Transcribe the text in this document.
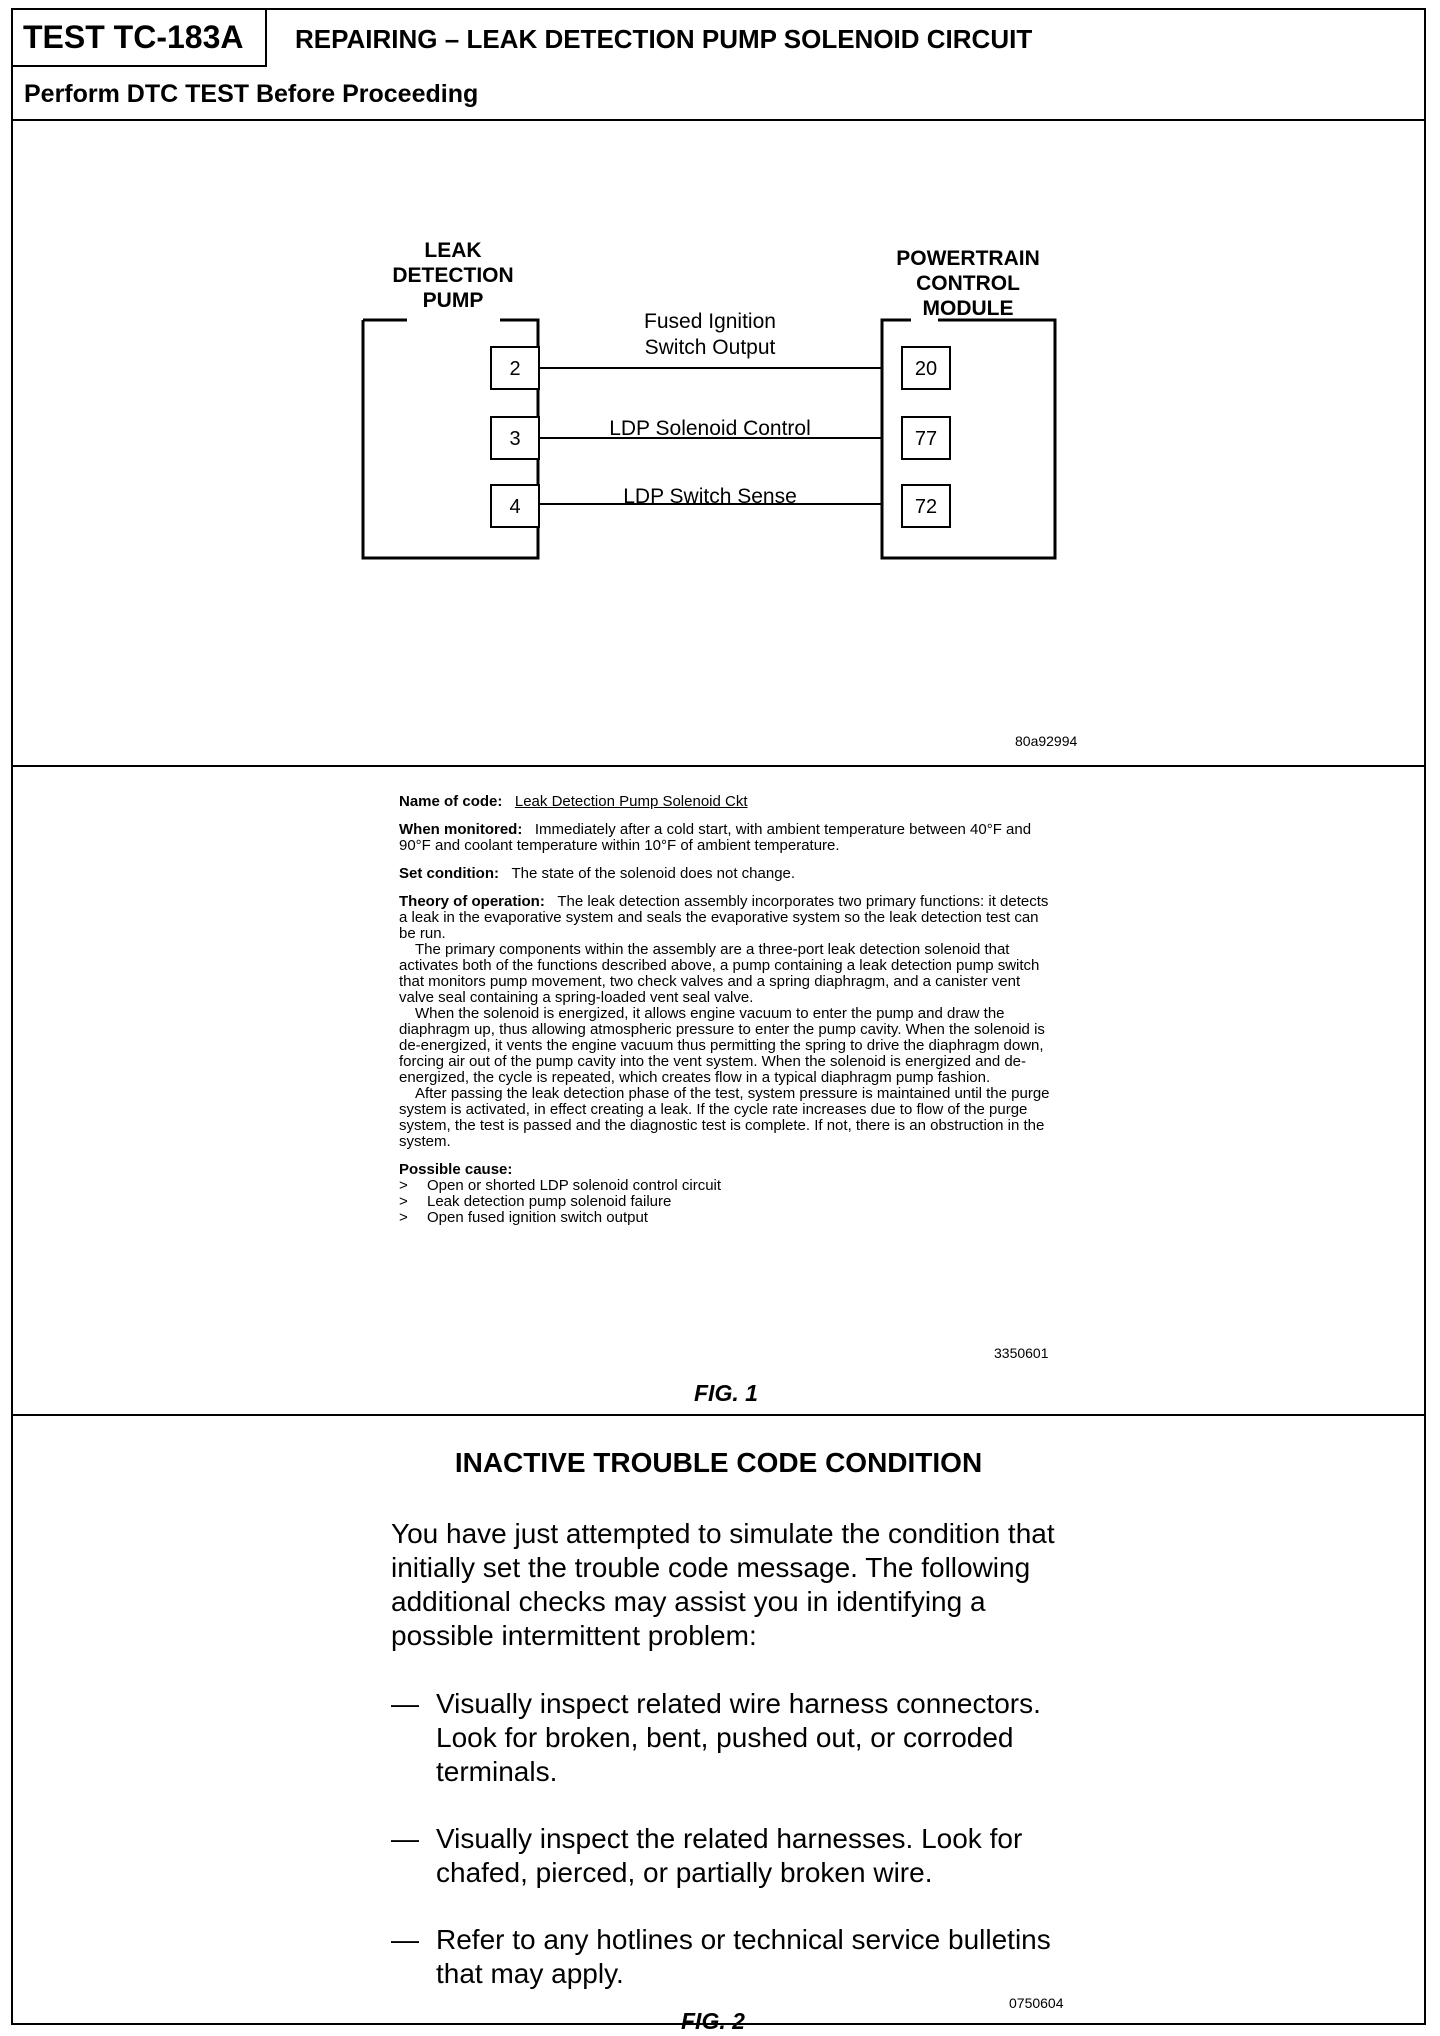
TEST TC-183A	REPAIRING – LEAK DETECTION PUMP SOLENOID CIRCUIT
Perform DTC TEST Before Proceeding
LEAK
DETECTION
PUMP
POWERTRAIN
CONTROL
MODULE
Fused Ignition
Switch Output
LDP Solenoid Control
LDP Switch Sense
2
3
4
20
77
72
80a92994

Name of code: Leak Detection Pump Solenoid Ckt

When monitored: Immediately after a cold start, with ambient temperature between 40°F and 90°F and coolant temperature within 10°F of ambient temperature.

Set condition: The state of the solenoid does not change.

Theory of operation: The leak detection assembly incorporates two primary functions: it detects a leak in the evaporative system and seals the evaporative system so the leak detection test can be run.
The primary components within the assembly are a three-port leak detection solenoid that activates both of the functions described above, a pump containing a leak detection pump switch that monitors pump movement, two check valves and a spring diaphragm, and a canister vent valve seal containing a spring-loaded vent seal valve.
When the solenoid is energized, it allows engine vacuum to enter the pump and draw the diaphragm up, thus allowing atmospheric pressure to enter the pump cavity. When the solenoid is de-energized, it vents the engine vacuum thus permitting the spring to drive the diaphragm down, forcing air out of the pump cavity into the vent system. When the solenoid is energized and de-energized, the cycle is repeated, which creates flow in a typical diaphragm pump fashion.
After passing the leak detection phase of the test, system pressure is maintained until the purge system is activated, in effect creating a leak. If the cycle rate increases due to flow of the purge system, the test is passed and the diagnostic test is complete. If not, there is an obstruction in the system.

Possible cause:
> Open or shorted LDP solenoid control circuit
> Leak detection pump solenoid failure
> Open fused ignition switch output
3350601
FIG. 1
INACTIVE TROUBLE CODE CONDITION

You have just attempted to simulate the condition that initially set the trouble code message. The following additional checks may assist you in identifying a possible intermittent problem:

— Visually inspect related wire harness connectors. Look for broken, bent, pushed out, or corroded terminals.
— Visually inspect the related harnesses. Look for chafed, pierced, or partially broken wire.
— Refer to any hotlines or technical service bulletins that may apply.
0750604
FIG. 2
